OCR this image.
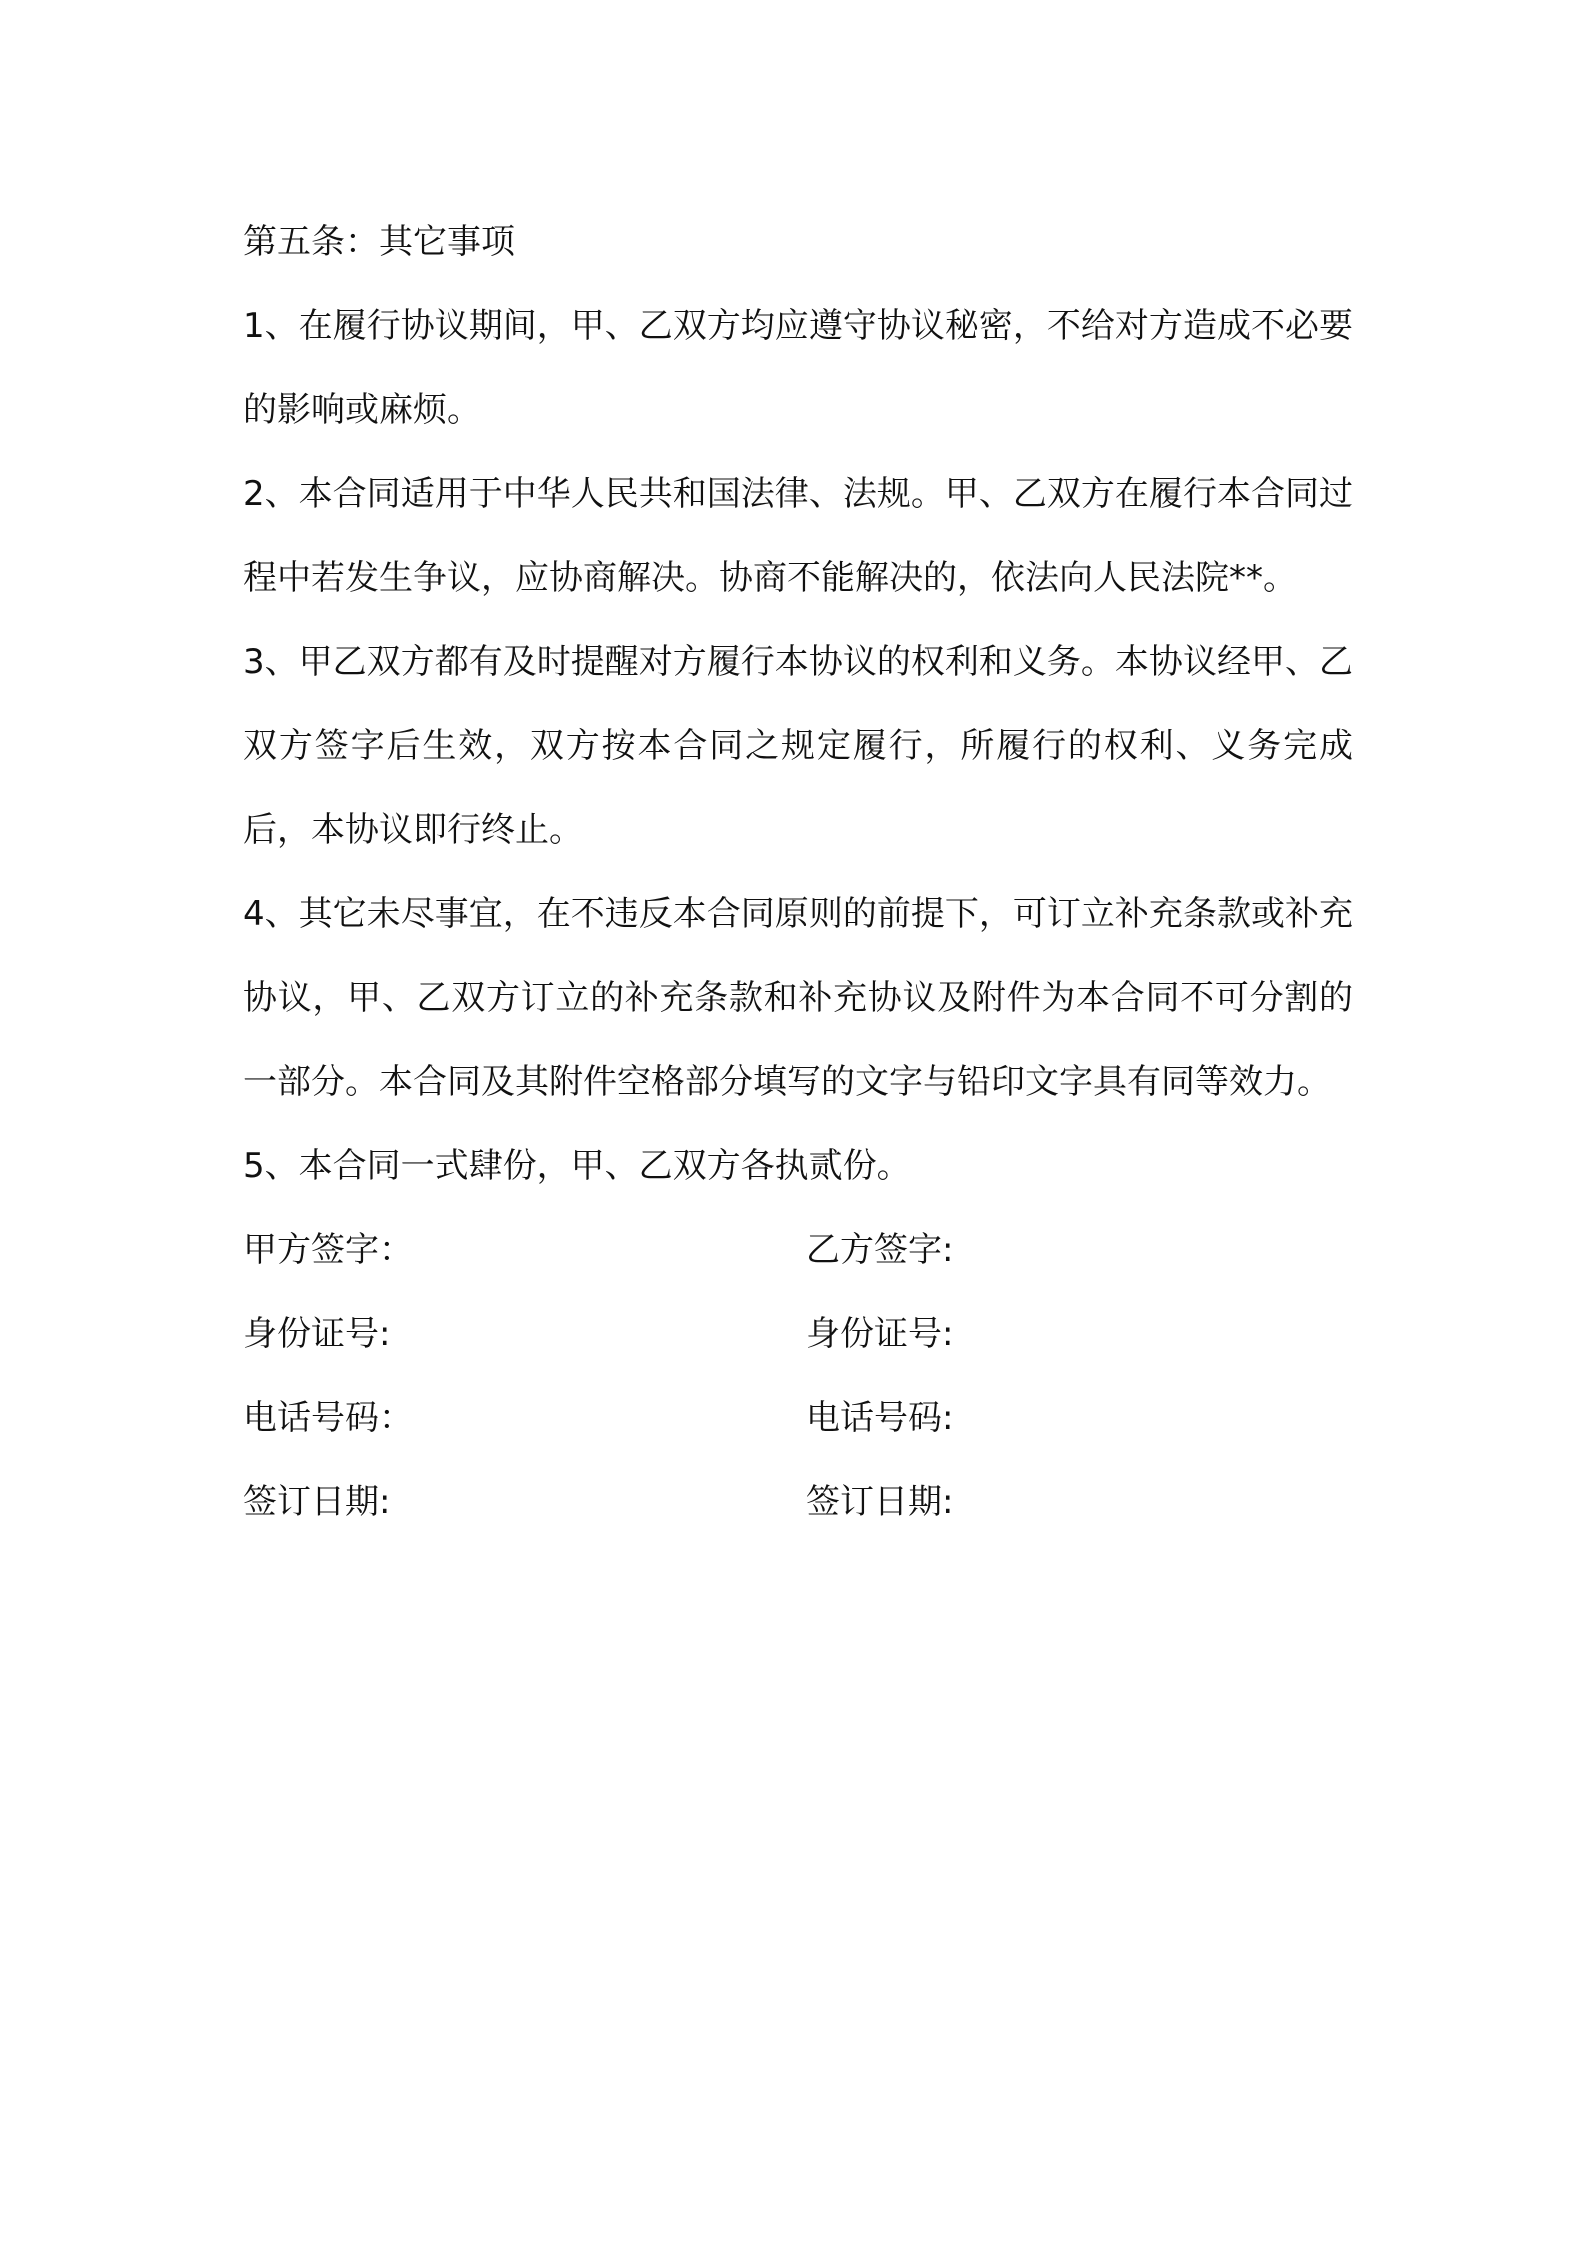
第五条：其它事项

1、在履行协议期间，甲、乙双方均应遵守协议秘密，不给对方造成不必要的影响或麻烦。

2、本合同适用于中华人民共和国法律、法规。甲、乙双方在履行本合同过程中若发生争议，应协商解决。协商不能解决的，依法向人民法院**。

3、甲乙双方都有及时提醒对方履行本协议的权利和义务。本协议经甲、乙双方签字后生效，双方按本合同之规定履行，所履行的权利、义务完成后，本协议即行终止。

4、其它未尽事宜，在不违反本合同原则的前提下，可订立补充条款或补充协议，甲、乙双方订立的补充条款和补充协议及附件为本合同不可分割的一部分。本合同及其附件空格部分填写的文字与铅印文字具有同等效力。

5、本合同一式肆份，甲、乙双方各执贰份。

甲方签字：	乙方签字:
身份证号:	身份证号:
电话号码：	电话号码:
签订日期:	签订日期:
